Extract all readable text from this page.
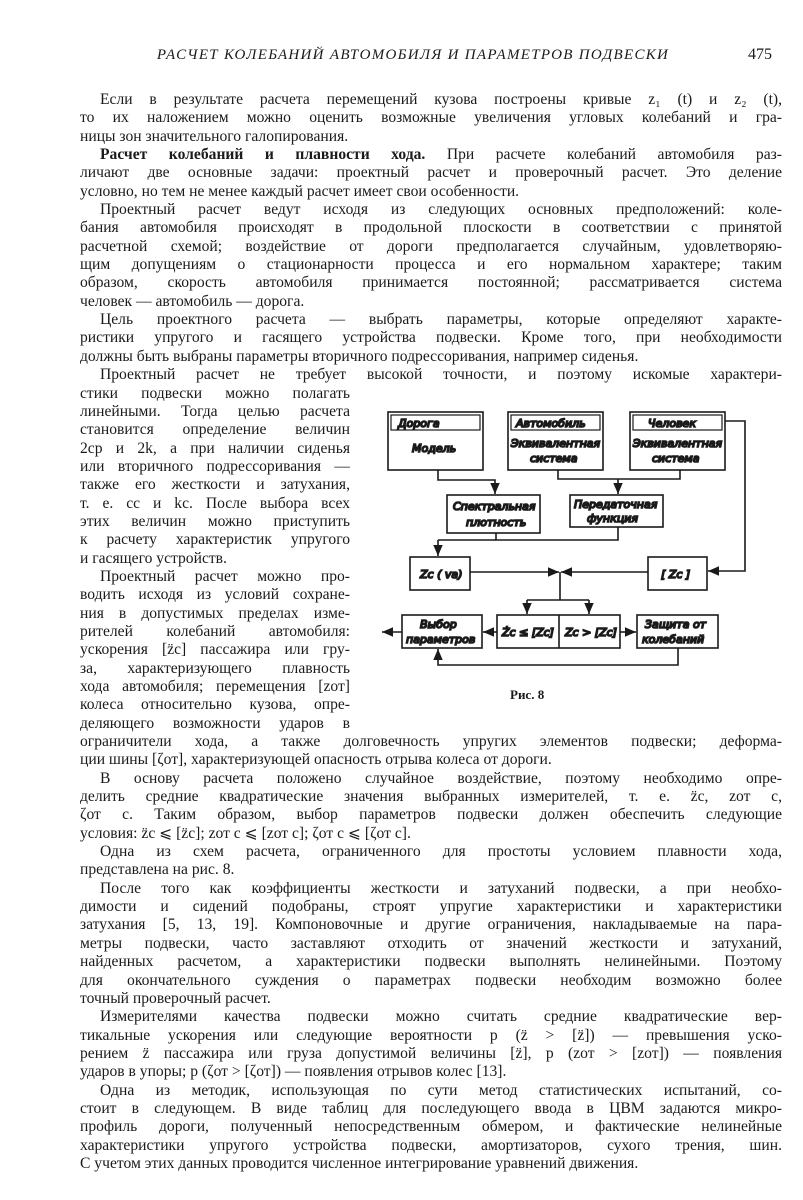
РАСЧЕТ КОЛЕБАНИЙ АВТОМОБИЛЯ И ПАРАМЕТРОВ ПОДВЕСКИ	475
Если в результате расчета перемещений кузова построены кривые z₁ (t) и z₂ (t),
то их наложением можно оценить возможные увеличения угловых колебаний и гра-
ницы зон значительного галопирования.
Расчет колебаний и плавности хода. При расчете колебаний автомобиля раз-
личают две основные задачи: проектный расчет и проверочный расчет. Это деление
условно, но тем не менее каждый расчет имеет свои особенности.
Проектный расчет ведут исходя из следующих основных предположений: коле-
бания автомобиля происходят в продольной плоскости в соответствии с принятой
расчетной схемой; воздействие от дороги предполагается случайным, удовлетворяю-
щим допущениям о стационарности процесса и его нормальном характере; таким
образом, скорость автомобиля принимается постоянной; рассматривается система
человек — автомобиль — дорога.
Цель проектного расчета — выбрать параметры, которые определяют характе-
ристики упругого и гасящего устройства подвески. Кроме того, при необходимости
должны быть выбраны параметры вторичного подрессоривания, например сиденья.
Проектный расчет не требует высокой точности, и поэтому искомые характери-
стики подвески можно полагать
линейными. Тогда целью расчета
становится определение величин
2cр и 2k, а при наличии сиденья
или вторичного подрессоривания —
также его жесткости и затухания,
т. е. cс и kс. После выбора всех
этих величин можно приступить
к расчету характеристик упругого
и гасящего устройств.
Проектный расчет можно про-
водить исходя из условий сохране-
ния в допустимых пределах изме-
рителей колебаний автомобиля:
ускорения [z̈с] пассажира или гру-
за, характеризующего плавность
хода автомобиля; перемещения [zот]
колеса относительно кузова, опре-
деляющего возможности ударов в
ограничители хода, а также долговечность упругих элементов подвески; деформа-
ции шины [ζот], характеризующей опасность отрыва колеса от дороги.
В основу расчета положено случайное воздействие, поэтому необходимо опре-
делить средние квадратические значения выбранных измерителей, т. е. z̈с, zот с,
ζот с. Таким образом, выбор параметров подвески должен обеспечить следующие
условия: z̈с ⩽ [z̈с]; zот с ⩽ [zот с]; ζот с ⩽ [ζот с].
Одна из схем расчета, ограниченного для простоты условием плавности хода,
представлена на рис. 8.
После того как коэффициенты жесткости и затуханий подвески, а при необхо-
димости и сидений подобраны, строят упругие характеристики и характеристики
затухания [5, 13, 19]. Компоновочные и другие ограничения, накладываемые на пара-
метры подвески, часто заставляют отходить от значений жесткости и затуханий,
найденных расчетом, а характеристики подвески выполнять нелинейными. Поэтому
для окончательного суждения о параметрах подвески необходим возможно более
точный проверочный расчет.
Измерителями качества подвески можно считать средние квадратические вер-
тикальные ускорения или следующие вероятности p (z̈ > [z̈]) — превышения уско-
рением z̈ пассажира или груза допустимой величины [z̈], p (zот > [zот]) — появления
ударов в упоры; p (ζот > [ζот]) — появления отрывов колес [13].
Одна из методик, использующая по сути метод статистических испытаний, со-
стоит в следующем. В виде таблиц для последующего ввода в ЦВМ задаются микро-
профиль дороги, полученный непосредственным обмером, и фактические нелинейные
характеристики упругого устройства подвески, амортизаторов, сухого трения, шин.
С учетом этих данных проводится численное интегрирование уравнений движения.
Дорога
Модель
Автомобиль
Эквивалентная
система
Человек
Эквивалентная
система
Спектральная
плотность
Передаточная
функция
Zc ( va)	[ Zc ]
Żc ≤ [Zc] Zc > [Zc]
Выбор
параметров
Защита от
колебаний
Рис. 8
